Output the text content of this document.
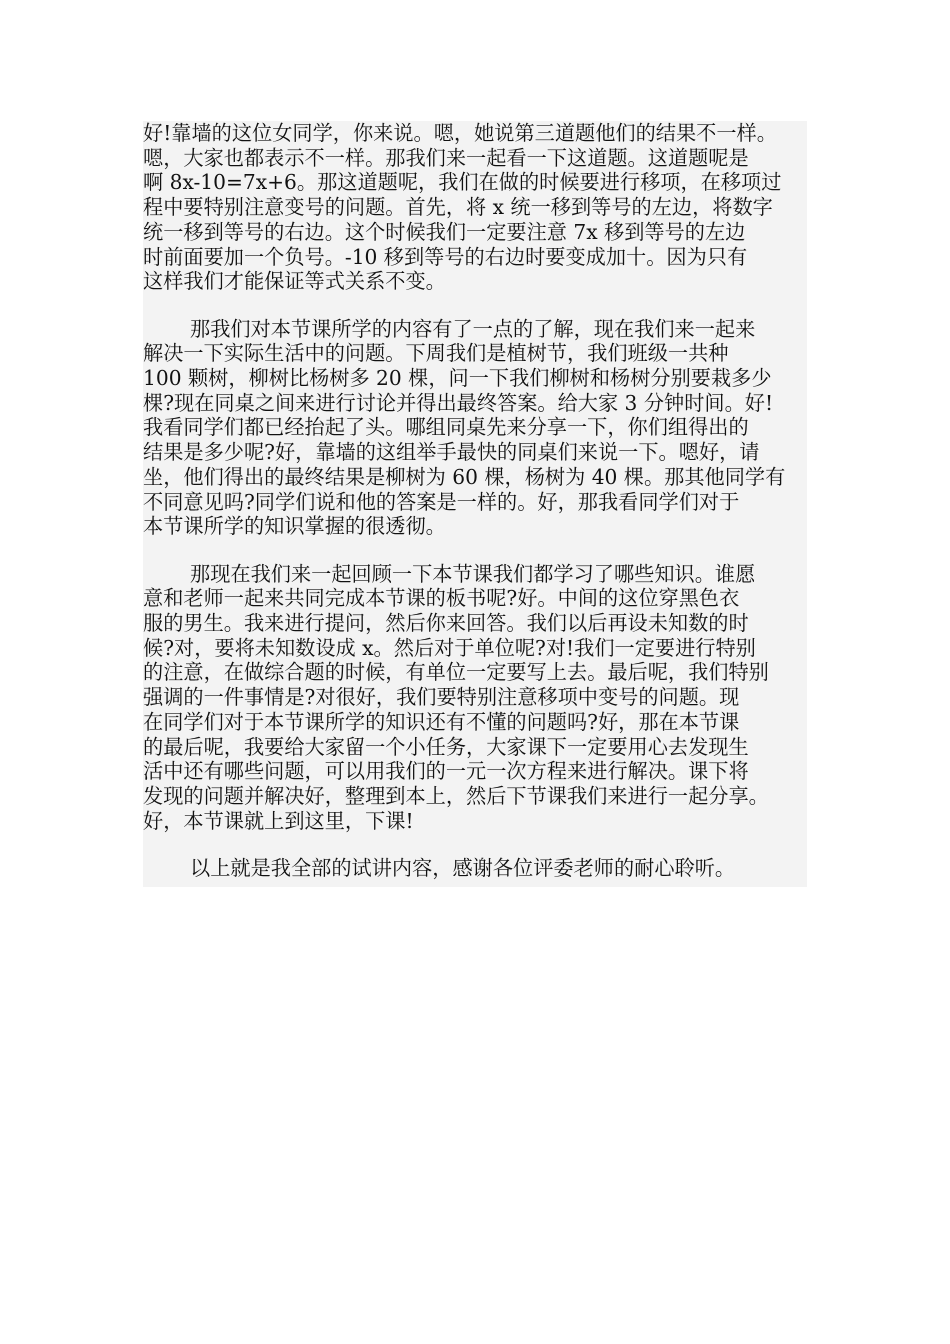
好!靠墙的这位女同学，你来说。嗯，她说第三道题他们的结果不一样。
嗯，大家也都表示不一样。那我们来一起看一下这道题。这道题呢是
啊 8x-10=7x+6。那这道题呢，我们在做的时候要进行移项，在移项过
程中要特别注意变号的问题。首先，将 x 统一移到等号的左边，将数字
统一移到等号的右边。这个时候我们一定要注意 7x 移到等号的左边
时前面要加一个负号。-10 移到等号的右边时要变成加十。因为只有
这样我们才能保证等式关系不变。
那我们对本节课所学的内容有了一点的了解，现在我们来一起来
解决一下实际生活中的问题。下周我们是植树节，我们班级一共种
100 颗树，柳树比杨树多 20 棵，问一下我们柳树和杨树分别要栽多少
棵?现在同桌之间来进行讨论并得出最终答案。给大家 3 分钟时间。好!
我看同学们都已经抬起了头。哪组同桌先来分享一下，你们组得出的
结果是多少呢?好，靠墙的这组举手最快的同桌们来说一下。嗯好，请
坐，他们得出的最终结果是柳树为 60 棵，杨树为 40 棵。那其他同学有
不同意见吗?同学们说和他的答案是一样的。好，那我看同学们对于
本节课所学的知识掌握的很透彻。
那现在我们来一起回顾一下本节课我们都学习了哪些知识。谁愿
意和老师一起来共同完成本节课的板书呢?好。中间的这位穿黑色衣
服的男生。我来进行提问，然后你来回答。我们以后再设未知数的时
候?对，要将未知数设成 x。然后对于单位呢?对!我们一定要进行特别
的注意，在做综合题的时候，有单位一定要写上去。最后呢，我们特别
强调的一件事情是?对很好，我们要特别注意移项中变号的问题。现
在同学们对于本节课所学的知识还有不懂的问题吗?好，那在本节课
的最后呢，我要给大家留一个小任务，大家课下一定要用心去发现生
活中还有哪些问题，可以用我们的一元一次方程来进行解决。课下将
发现的问题并解决好，整理到本上，然后下节课我们来进行一起分享。
好，本节课就上到这里，下课!
以上就是我全部的试讲内容，感谢各位评委老师的耐心聆听。
